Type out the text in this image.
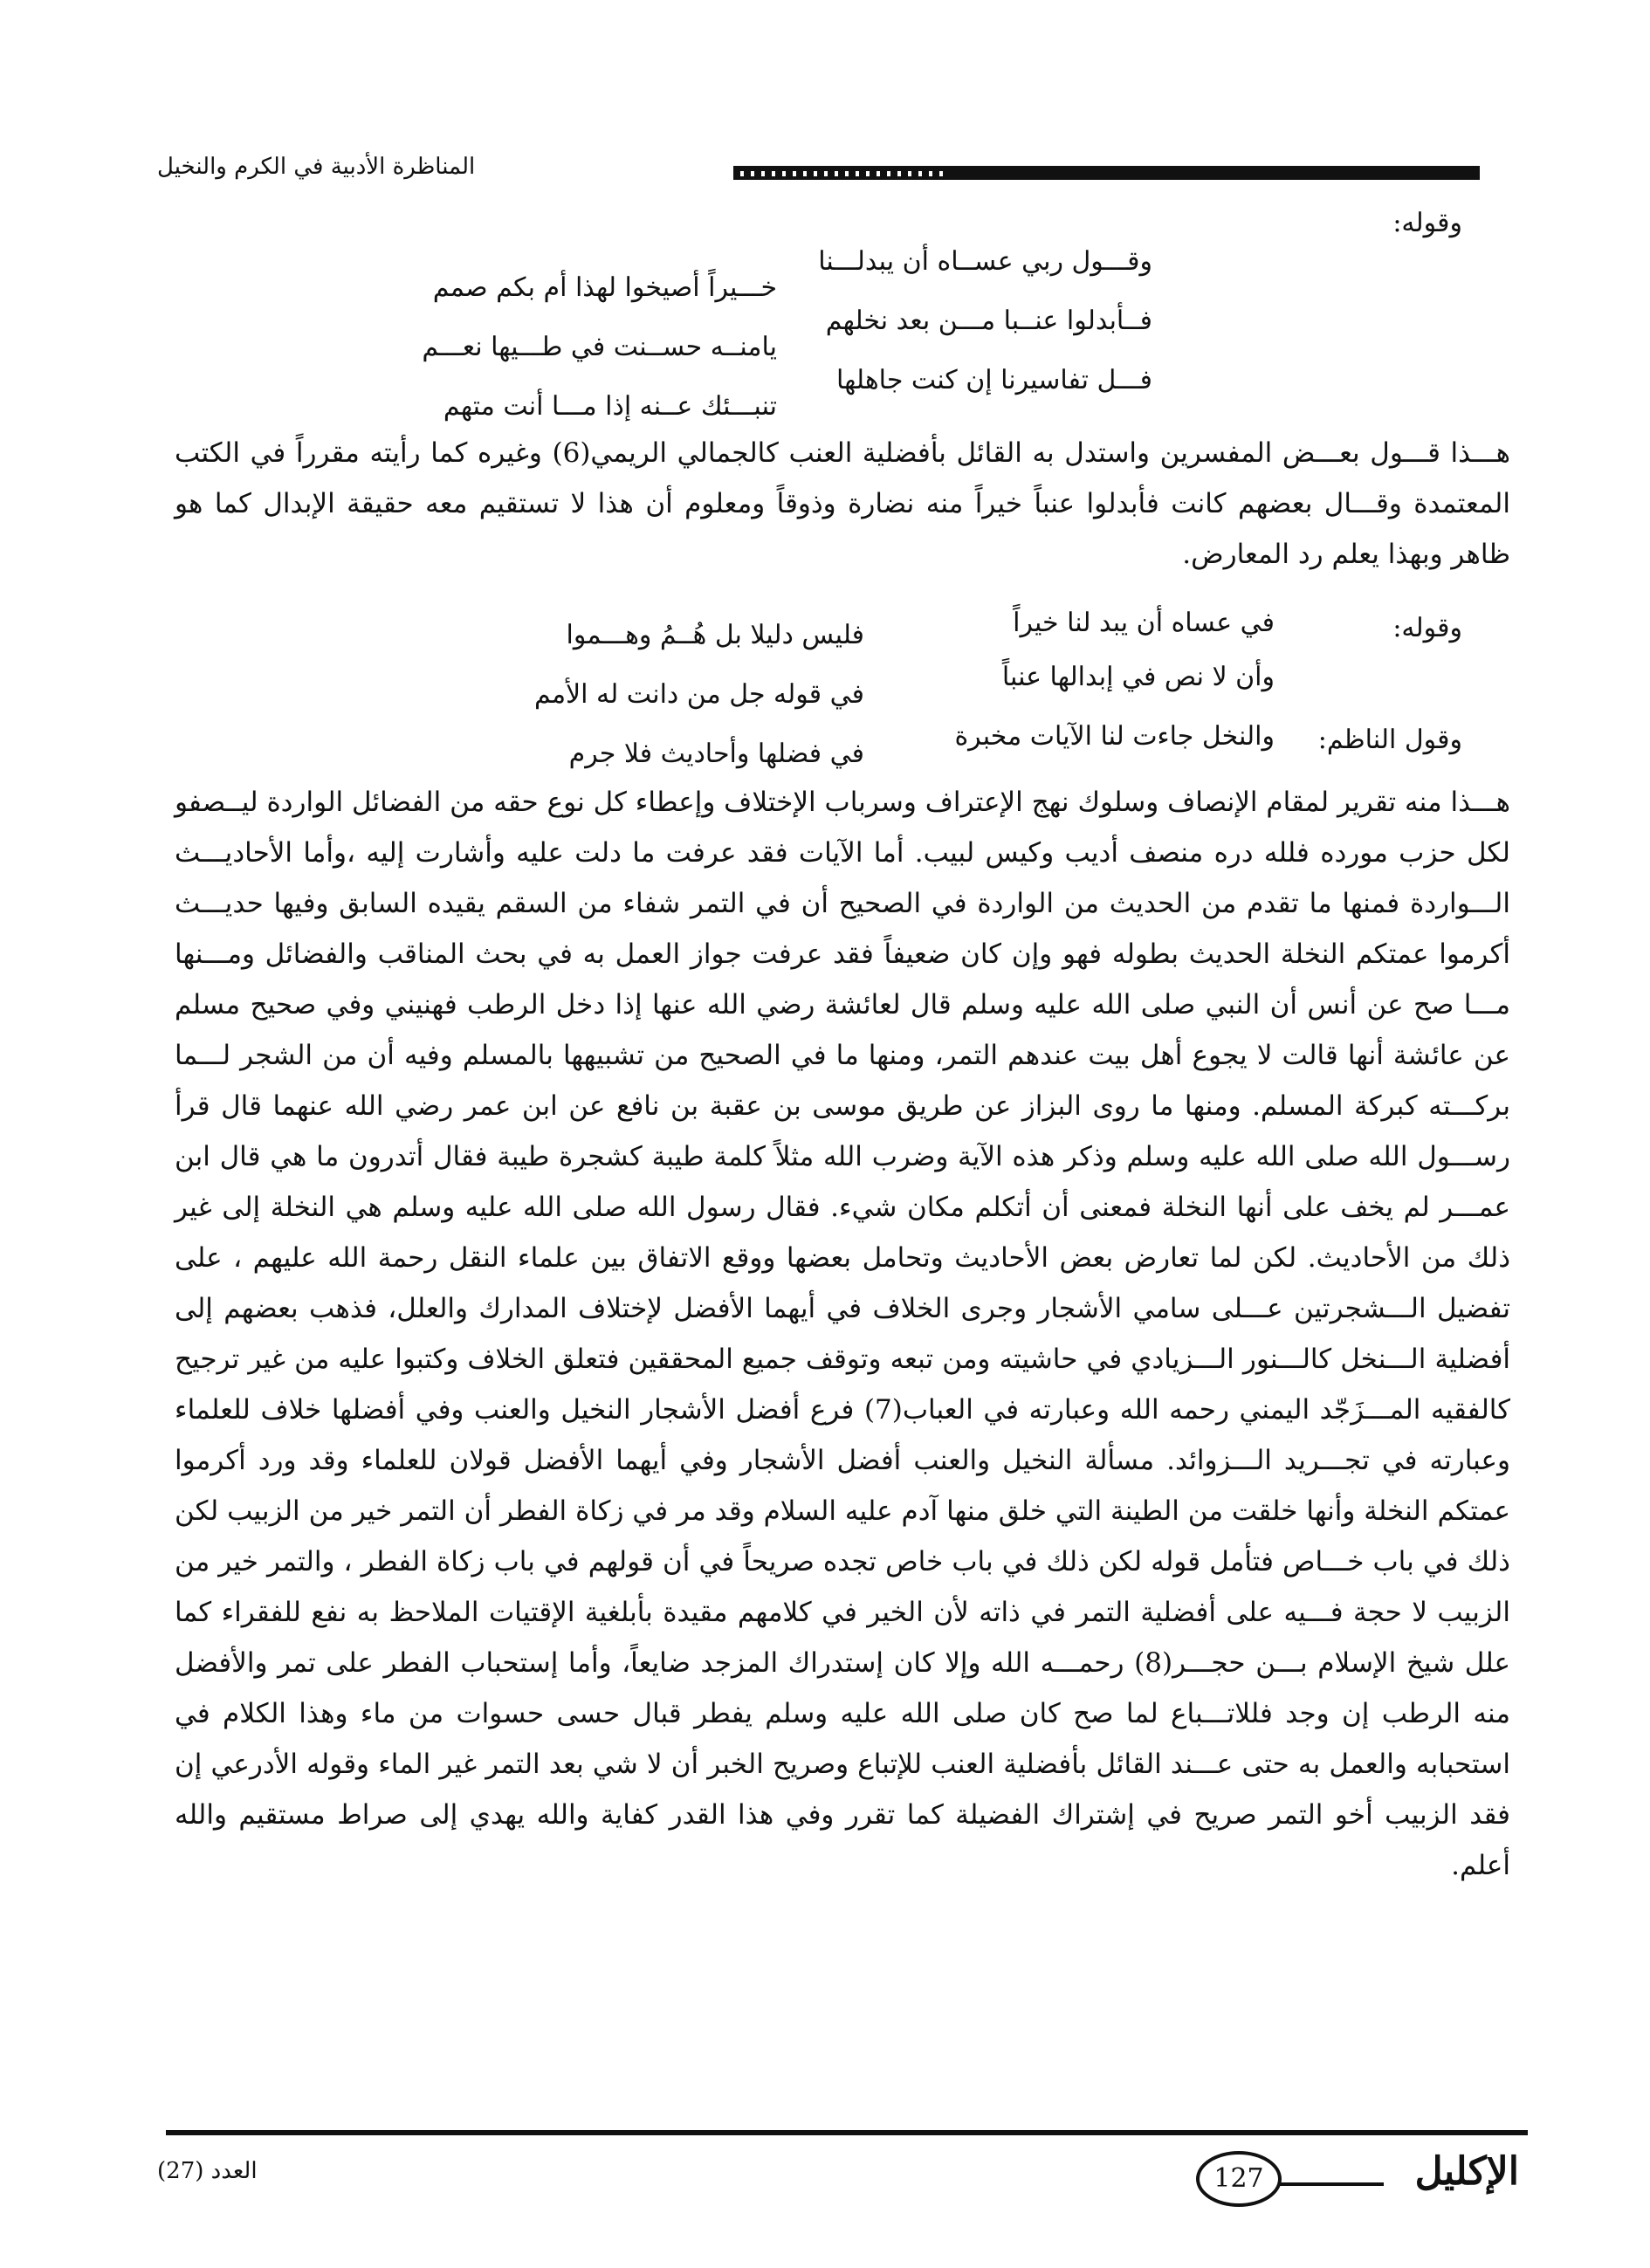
المناظرة الأدبية في الكرم والنخيل
وقوله:
وقـــول ربي عســاه أن يبدلـــنا
فــأبدلوا عنــبا مـــن بعد نخلهم
فـــل تفاسيرنا إن كنت جاهلها
خـــيراً أصيخوا لهذا أم بكم صمم
يامنــه حســنت في طـــيها نعـــم
تنبـــئك عــنه إذا مـــا أنت متهم

هـــذا قـــول بعـــض المفسرين واستدل به القائل بأفضلية العنب كالجمالي الريمي(6) وغيره كما رأيته مقرراً في الكتب المعتمدة وقـــال بعضهم كانت فأبدلوا عنباً خيراً منه نضارة وذوقاً ومعلوم أن هذا لا تستقيم معه حقيقة الإبدال كما هو ظاهر وبهذا يعلم رد المعارض.

وقوله:
في عساه أن يبد لنا خيراً
وأن لا نص في إبدالها عنباً
فليس دليلا بل هُــمُ وهـــموا
في قوله جل من دانت له الأمم
وقول الناظم:
والنخل جاءت لنا الآيات مخبرة
في فضلها وأحاديث فلا جرم

هـــذا منه تقرير لمقام الإنصاف وسلوك نهج الإعتراف وسرباب الإختلاف وإعطاء كل نوع حقه من الفضائل الواردة ليــصفو لكل حزب مورده فلله دره منصف أديب وكيس لبيب. أما الآيات فقد عرفت ما دلت عليه وأشارت إليه ،وأما الأحاديـــث الـــواردة فمنها ما تقدم من الحديث من الواردة في الصحيح أن في التمر شفاء من السقم يقيده السابق وفيها حديـــث أكرموا عمتكم النخلة الحديث بطوله فهو وإن كان ضعيفاً فقد عرفت جواز العمل به في بحث المناقب والفضائل ومـــنها مـــا صح عن أنس أن النبي صلى الله عليه وسلم قال لعائشة رضي الله عنها إذا دخل الرطب فهنيني وفي صحيح مسلم عن عائشة أنها قالت لا يجوع أهل بيت عندهم التمر، ومنها ما في الصحيح من تشبيهها بالمسلم وفيه أن من الشجر لـــما بركـــته كبركة المسلم. ومنها ما روى البزاز عن طريق موسى بن عقبة بن نافع عن ابن عمر رضي الله عنهما قال قرأ رســـول الله صلى الله عليه وسلم وذكر هذه الآية وضرب الله مثلاً كلمة طيبة كشجرة طيبة فقال أتدرون ما هي قال ابن عمـــر لم يخف على أنها النخلة فمعنى أن أتكلم مكان شيء. فقال رسول الله صلى الله عليه وسلم هي النخلة إلى غير ذلك من الأحاديث. لكن لما تعارض بعض الأحاديث وتحامل بعضها ووقع الاتفاق بين علماء النقل رحمة الله عليهم ، على تفضيل الـــشجرتين عـــلى سامي الأشجار وجرى الخلاف في أيهما الأفضل لإختلاف المدارك والعلل، فذهب بعضهم إلى أفضلية الـــنخل كالـــنور الـــزيادي في حاشيته ومن تبعه وتوقف جميع المحققين فتعلق الخلاف وكتبوا عليه من غير ترجيح كالفقيه المـــزَجّد اليمني رحمه الله وعبارته في العباب(7) فرع أفضل الأشجار النخيل والعنب وفي أفضلها خلاف للعلماء وعبارته في تجـــريد الـــزوائد. مسألة النخيل والعنب أفضل الأشجار وفي أيهما الأفضل قولان للعلماء وقد ورد أكرموا عمتكم النخلة وأنها خلقت من الطينة التي خلق منها آدم عليه السلام وقد مر في زكاة الفطر أن التمر خير من الزبيب لكن ذلك في باب خـــاص فتأمل قوله لكن ذلك في باب خاص تجده صريحاً في أن قولهم في باب زكاة الفطر ، والتمر خير من الزبيب لا حجة فـــيه على أفضلية التمر في ذاته لأن الخير في كلامهم مقيدة بأبلغية الإقتيات الملاحظ به نفع للفقراء كما علل شيخ الإسلام بـــن حجـــر(8) رحمـــه الله وإلا كان إستدراك المزجد ضايعاً، وأما إستحباب الفطر على تمر والأفضل منه الرطب إن وجد فللاتـــباع لما صح كان صلى الله عليه وسلم يفطر قبال حسى حسوات من ماء وهذا الكلام في استحبابه والعمل به حتى عـــند القائل بأفضلية العنب للإتباع وصريح الخبر أن لا شي بعد التمر غير الماء وقوله الأدرعي إن فقد الزبيب أخو التمر صريح في إشتراك الفضيلة كما تقرر وفي هذا القدر كفاية والله يهدي إلى صراط مستقيم والله أعلم.

العدد (27)	127	الإكليل
